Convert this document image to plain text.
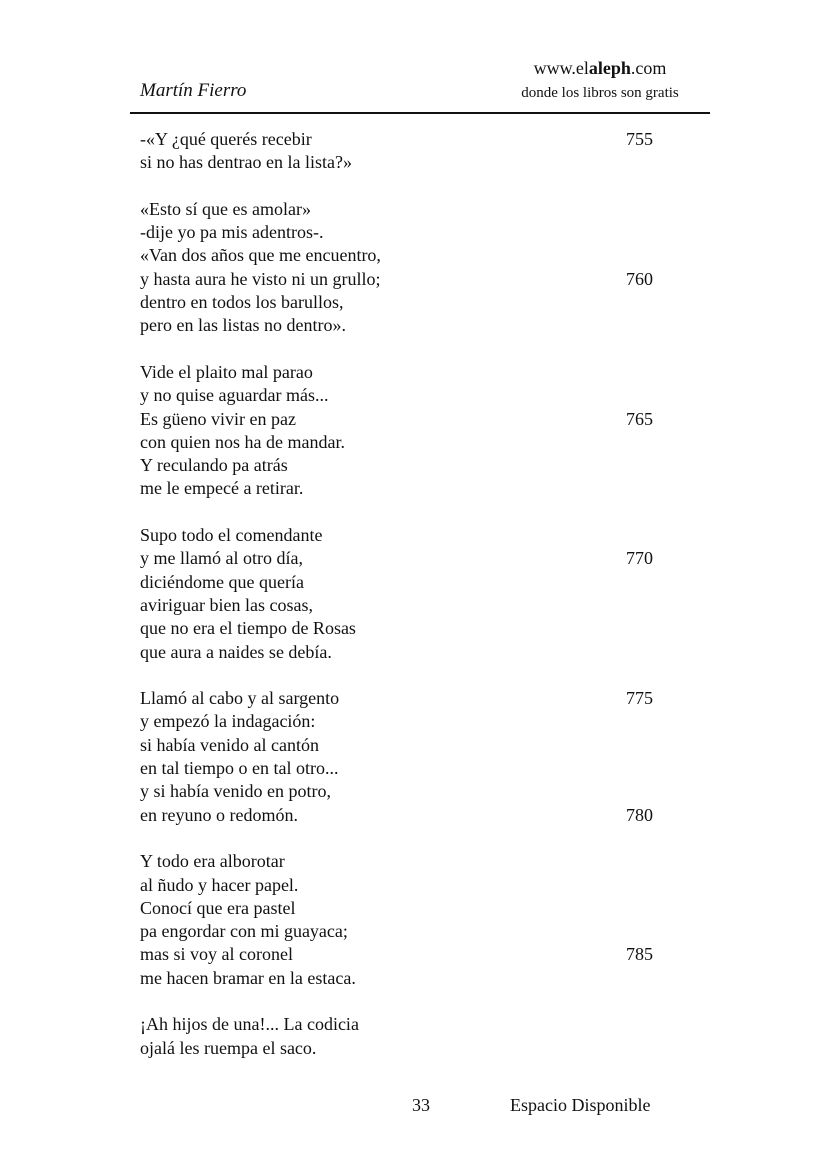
Martín Fierro
www.elaleph.com
donde los libros son gratis
-«Y ¿qué querés recebir	755
si no has dentrao en la lista?»
«Esto sí que es amolar»
-dije yo pa mis adentros-.
«Van dos años que me encuentro,
y hasta aura he visto ni un grullo;	760
dentro en todos los barullos,
pero en las listas no dentro».
Vide el plaito mal parao
y no quise aguardar más...
Es güeno vivir en paz	765
con quien nos ha de mandar.
Y reculando pa atrás
me le empecé a retirar.
Supo todo el comendante
y me llamó al otro día,	770
diciéndome que quería
aviriguar bien las cosas,
que no era el tiempo de Rosas
que aura a naides se debía.
Llamó al cabo y al sargento	775
y empezó la indagación:
si había venido al cantón
en tal tiempo o en tal otro...
y si había venido en potro,
en reyuno o redomón.	780
Y todo era alborotar
al ñudo y hacer papel.
Conocí que era pastel
pa engordar con mi guayaca;
mas si voy al coronel	785
me hacen bramar en la estaca.
¡Ah hijos de una!... La codicia
ojalá les ruempa el saco.
33	Espacio Disponible
